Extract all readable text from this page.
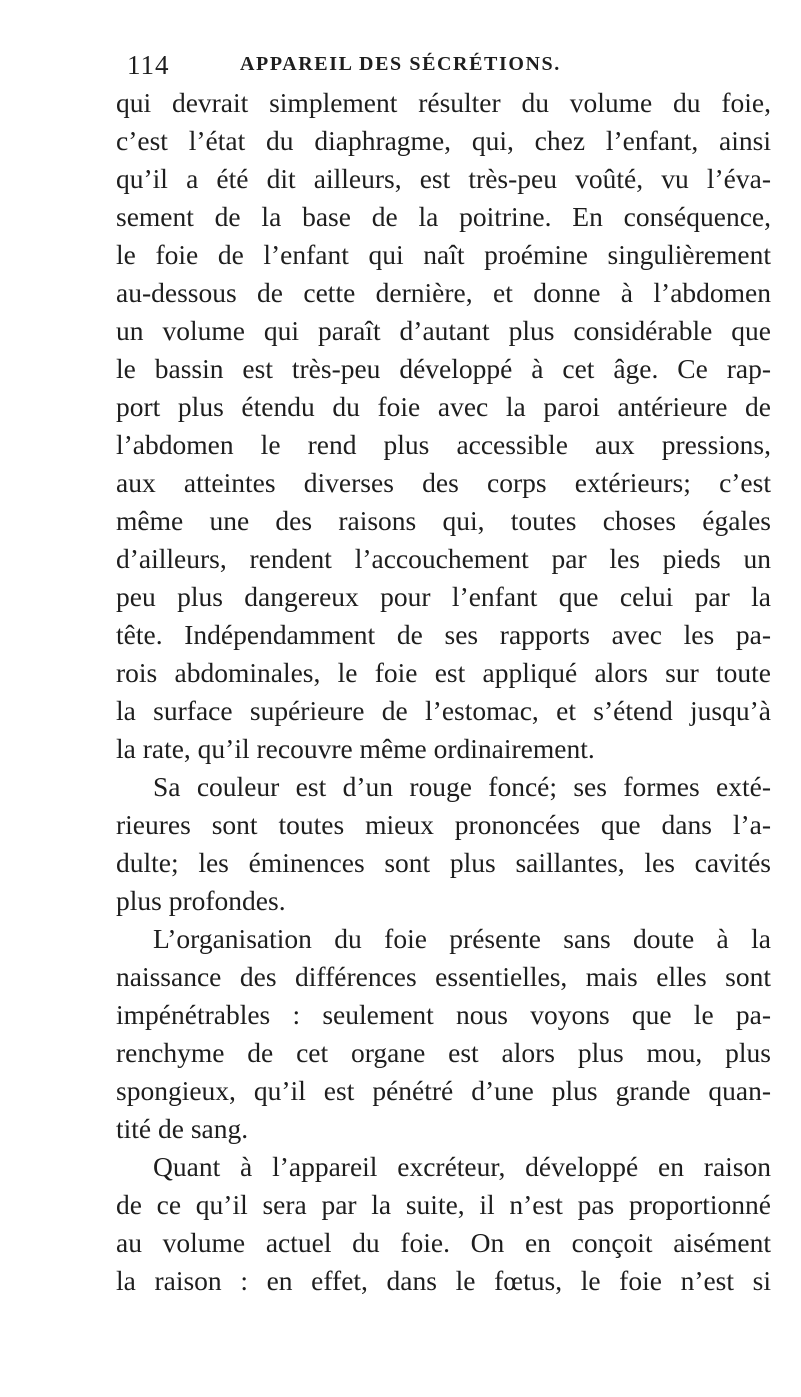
114	APPAREIL DES SÉCRÉTIONS.
qui devrait simplement résulter du volume du foie,
c’est l’état du diaphragme, qui, chez l’enfant, ainsi
qu’il a été dit ailleurs, est très-peu voûté, vu l’éva-
sement de la base de la poitrine. En conséquence,
le foie de l’enfant qui naît proémine singulièrement
au-dessous de cette dernière, et donne à l’abdomen
un volume qui paraît d’autant plus considérable que
le bassin est très-peu développé à cet âge. Ce rap-
port plus étendu du foie avec la paroi antérieure de
l’abdomen le rend plus accessible aux pressions,
aux atteintes diverses des corps extérieurs; c’est
même une des raisons qui, toutes choses égales
d’ailleurs, rendent l’accouchement par les pieds un
peu plus dangereux pour l’enfant que celui par la
tête. Indépendamment de ses rapports avec les pa-
rois abdominales, le foie est appliqué alors sur toute
la surface supérieure de l’estomac, et s’étend jusqu’à
la rate, qu’il recouvre même ordinairement.
Sa couleur est d’un rouge foncé; ses formes exté-
rieures sont toutes mieux prononcées que dans l’a-
dulte; les éminences sont plus saillantes, les cavités
plus profondes.
L’organisation du foie présente sans doute à la
naissance des différences essentielles, mais elles sont
impénétrables : seulement nous voyons que le pa-
renchyme de cet organe est alors plus mou, plus
spongieux, qu’il est pénétré d’une plus grande quan-
tité de sang.
Quant à l’appareil excréteur, développé en raison
de ce qu’il sera par la suite, il n’est pas proportionné
au volume actuel du foie. On en conçoit aisément
la raison : en effet, dans le fœtus, le foie n’est si
